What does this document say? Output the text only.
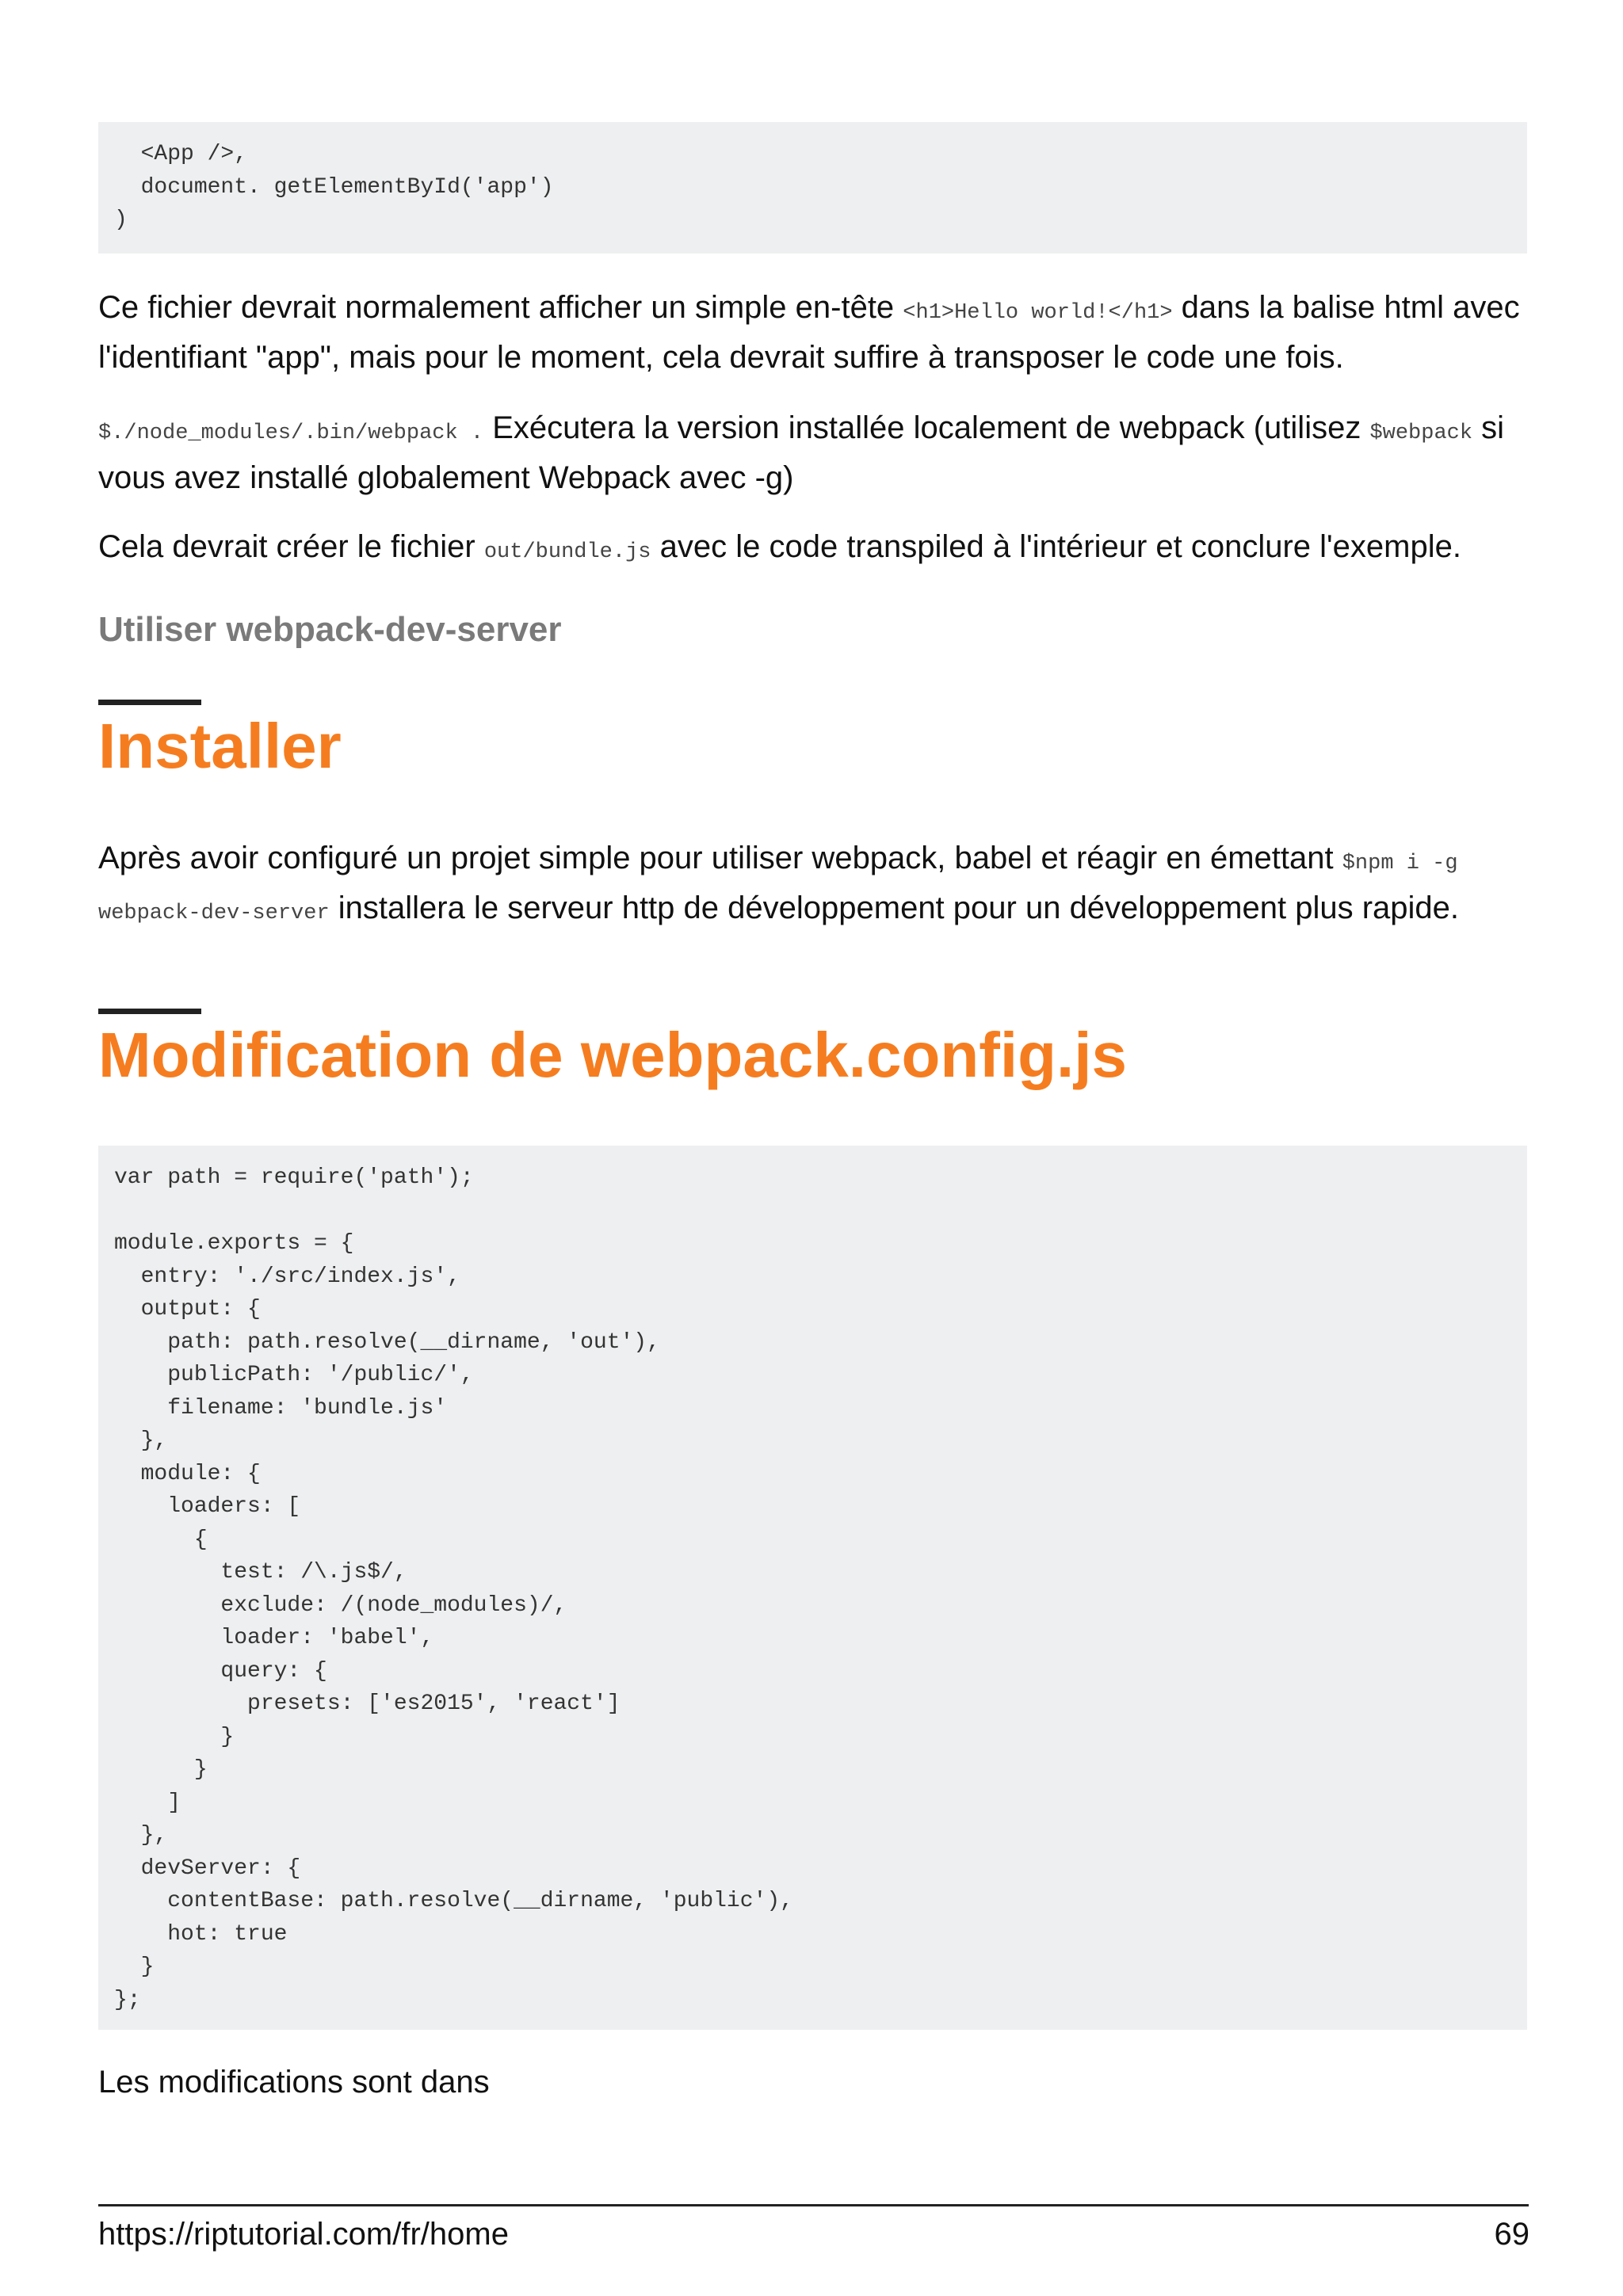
<App />,
document. getElementById('app')
)

Ce fichier devrait normalement afficher un simple en-tête <h1>Hello world!</h1> dans la balise html avec l'identifiant "app", mais pour le moment, cela devrait suffire à transposer le code une fois.

$./node_modules/.bin/webpack . Exécutera la version installée localement de webpack (utilisez $webpack si vous avez installé globalement Webpack avec -g)

Cela devrait créer le fichier out/bundle.js avec le code transpiled à l'intérieur et conclure l'exemple.

Utiliser webpack-dev-server
Installer

Après avoir configuré un projet simple pour utiliser webpack, babel et réagir en émettant $npm i -g webpack-dev-server installera le serveur http de développement pour un développement plus rapide.

Modification de webpack.config.js
var path = require('path');

module.exports = {
entry: './src/index.js',
output: {
path: path.resolve(__dirname, 'out'),
publicPath: '/public/',
filename: 'bundle.js'
},
module: {
loaders: [
{
test: /\.js$/,
exclude: /(node_modules)/,
loader: 'babel',
query: {
presets: ['es2015', 'react']
}
}
]
},
devServer: {
contentBase: path.resolve(__dirname, 'public'),
hot: true
}
};

Les modifications sont dans

https://riptutorial.com/fr/home	69
